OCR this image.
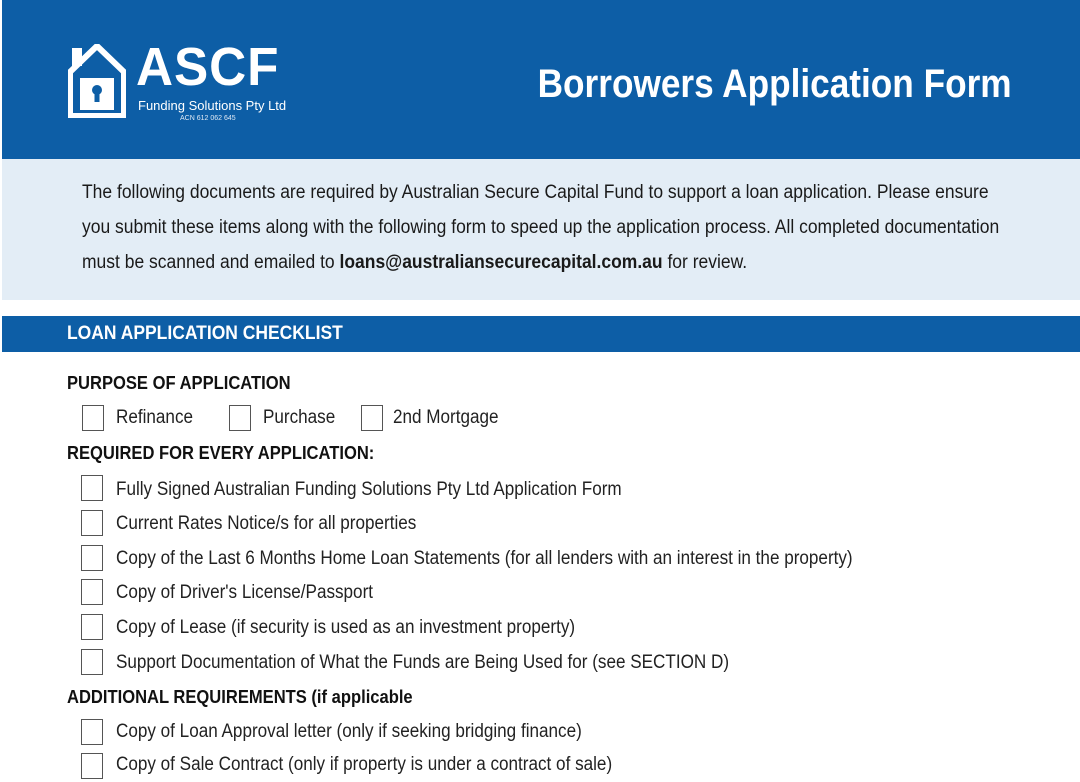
ASCF
Funding Solutions Pty Ltd
ACN 612 062 645
Borrowers Application Form
The following documents are required by Australian Secure Capital Fund to support a loan application. Please ensure you submit these items along with the following form to speed up the application process. All completed documentation must be scanned and emailed to loans@australiansecurecapital.com.au for review.
LOAN APPLICATION CHECKLIST
PURPOSE OF APPLICATION
Refinance	Purchase	2nd Mortgage
REQUIRED FOR EVERY APPLICATION:
Fully Signed Australian Funding Solutions Pty Ltd Application Form
Current Rates Notice/s for all properties
Copy of the Last 6 Months Home Loan Statements (for all lenders with an interest in the property)
Copy of Driver's License/Passport
Copy of Lease (if security is used as an investment property)
Support Documentation of What the Funds are Being Used for (see SECTION D)
ADDITIONAL REQUIREMENTS (if applicable
Copy of Loan Approval letter (only if seeking bridging finance)
Copy of Sale Contract (only if property is under a contract of sale)
